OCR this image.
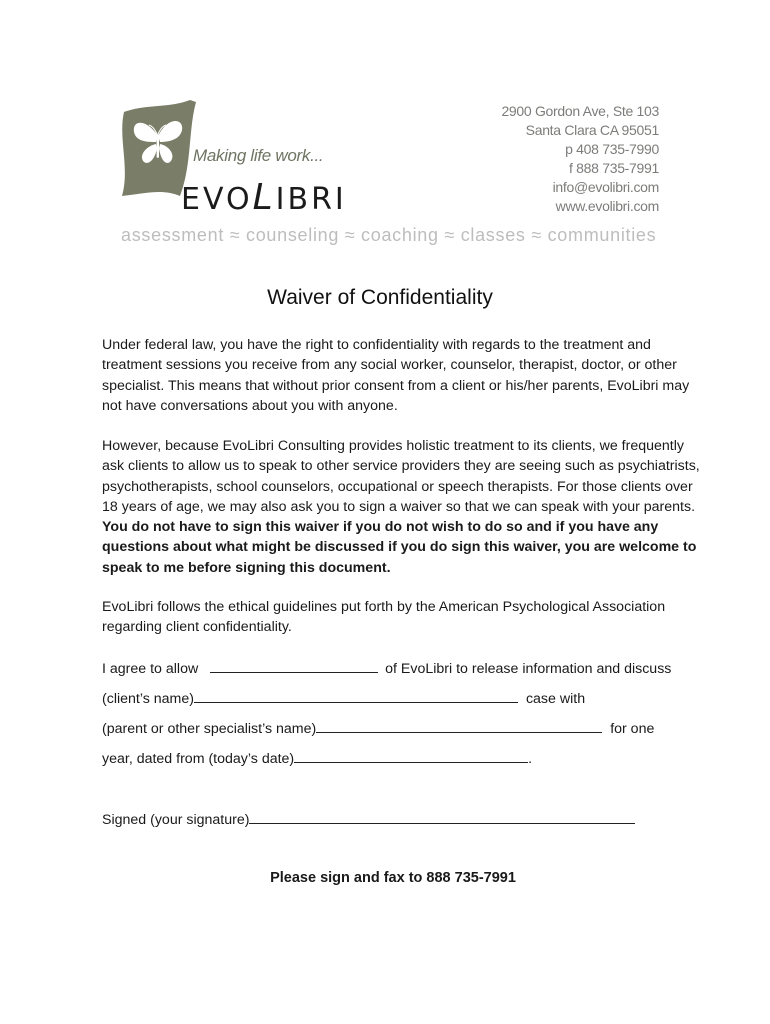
Making life work...
EVOLIBRI
2900 Gordon Ave, Ste 103
Santa Clara CA 95051
p 408 735-7990
f 888 735-7991
info@evolibri.com
www.evolibri.com
assessment ≈ counseling ≈ coaching ≈ classes ≈ communities
Waiver of Confidentiality
Under federal law, you have the right to confidentiality with regards to the treatment and treatment sessions you receive from any social worker, counselor, therapist, doctor, or other specialist. This means that without prior consent from a client or his/her parents, EvoLibri may not have conversations about you with anyone.
However, because EvoLibri Consulting provides holistic treatment to its clients, we frequently ask clients to allow us to speak to other service providers they are seeing such as psychiatrists, psychotherapists, school counselors, occupational or speech therapists. For those clients over 18 years of age, we may also ask you to sign a waiver so that we can speak with your parents. You do not have to sign this waiver if you do not wish to do so and if you have any questions about what might be discussed if you do sign this waiver, you are welcome to speak to me before signing this document.
EvoLibri follows the ethical guidelines put forth by the American Psychological Association regarding client confidentiality.
I agree to allow	of EvoLibri to release information and discuss
(client’s name)	case with
(parent or other specialist’s name)	for one
year, dated from (today’s date)	.
Signed (your signature)
Please sign and fax to 888 735-7991
